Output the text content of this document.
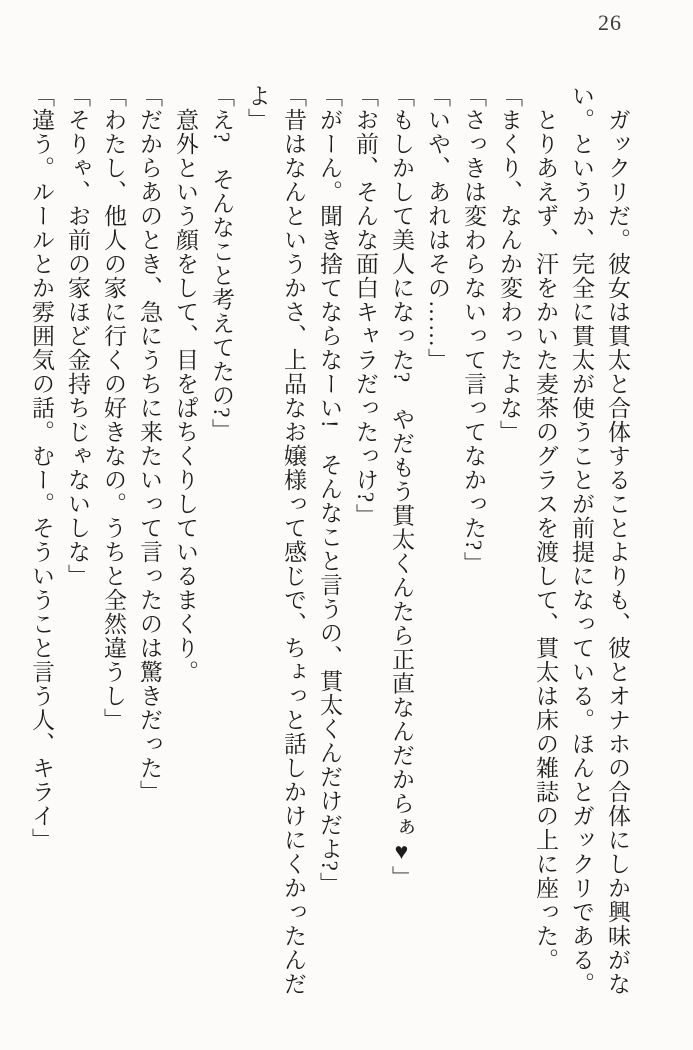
26

　ガックリだ。彼女は貫太と合体することよりも、彼とオナホの合体にしか興味がな

い。というか、完全に貫太が使うことが前提になっている。ほんとガックリである。

　とりあえず、汗をかいた麦茶のグラスを渡して、貫太は床の雑誌の上に座った。

「まくり、なんか変わったよな」

「さっきは変わらないって言ってなかった?」

「いや、あれはその……」

「もしかして美人になった?　やだもう貫太くんたら正直なんだからぁ♥」

「お前、そんな面白キャラだったっけ?」

「がーん。聞き捨てならなーい!　そんなこと言うの、貫太くんだけだよ?」

「昔はなんというかさ、上品なお嬢様って感じで、ちょっと話しかけにくかったんだ

よ」

「え?　そんなこと考えてたの?」

　意外という顔をして、目をぱちくりしているまくり。

「だからあのとき、急にうちに来たいって言ったのは驚きだった」

「わたし、他人の家に行くの好きなの。うちと全然違うし」

「そりゃ、お前の家ほど金持ちじゃないしな」

「違う。ルールとか雰囲気の話。むー。そういうこと言う人、キライ」
